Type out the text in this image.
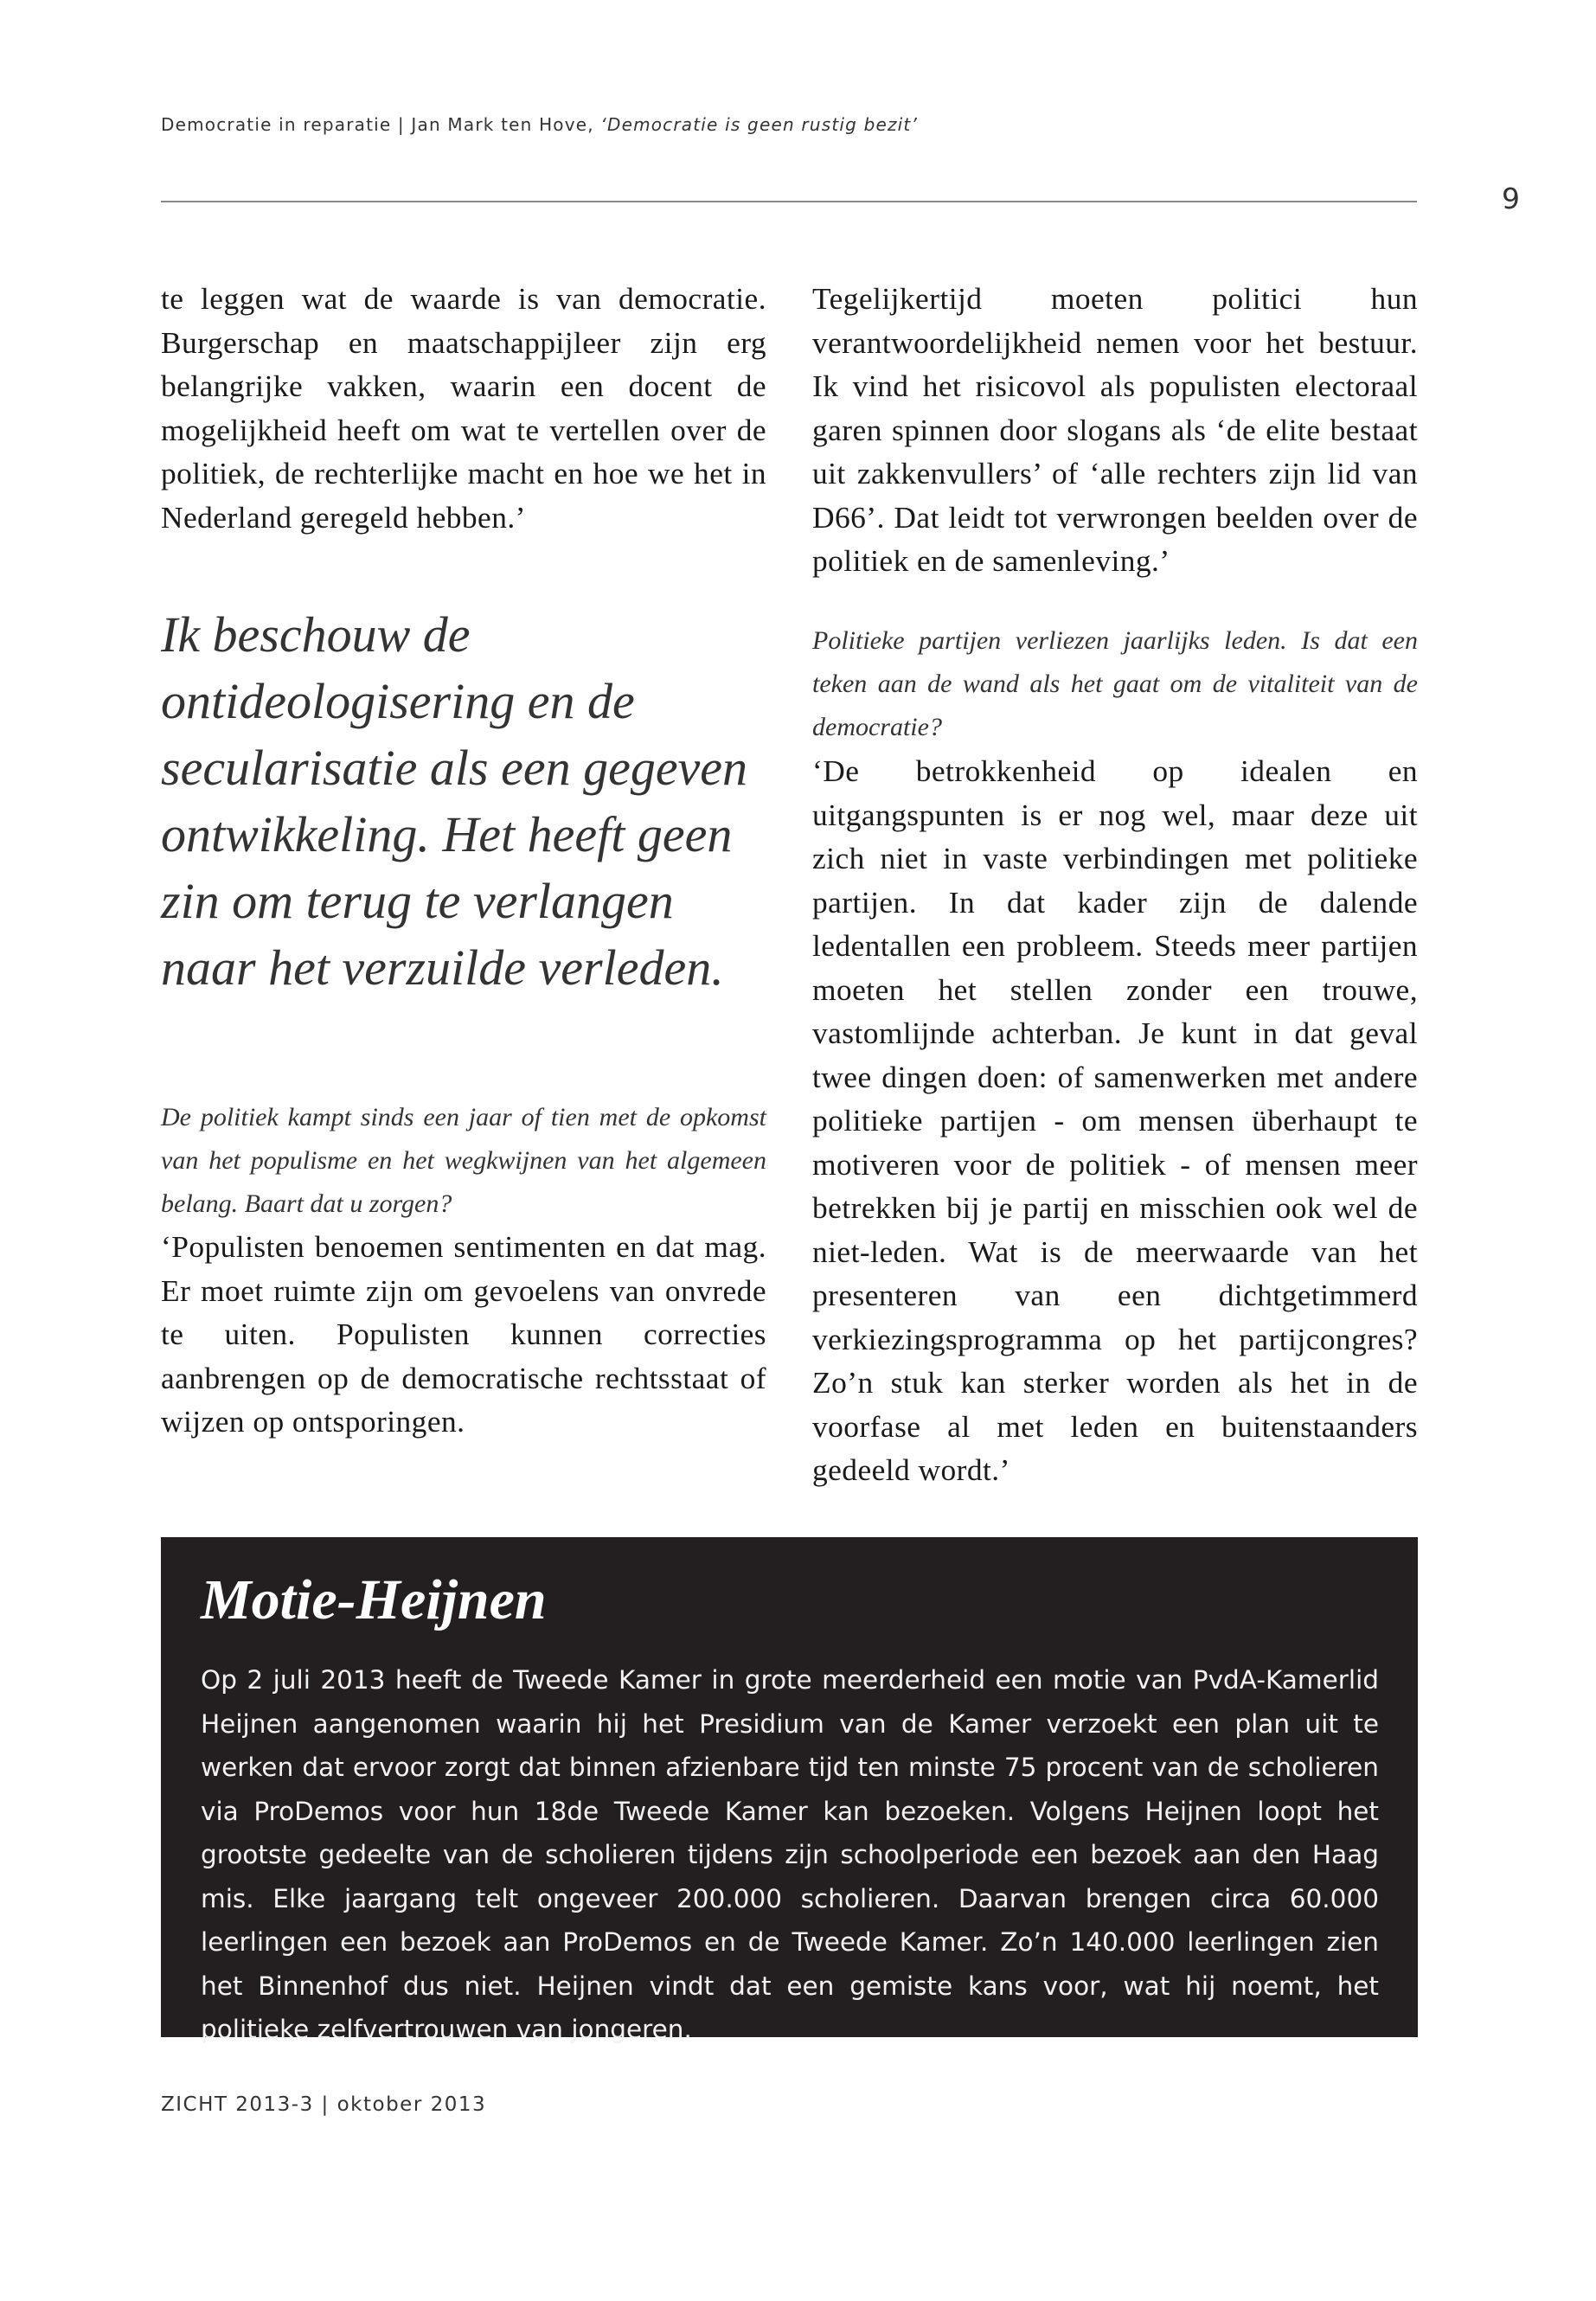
Democratie in reparatie | Jan Mark ten Hove, ‘Democratie is geen rustig bezit’
9

te leggen wat de waarde is van democratie. Burgerschap en maatschappijleer zijn erg belangrijke vakken, waarin een docent de mogelijkheid heeft om wat te vertellen over de politiek, de rechterlijke macht en hoe we het in Nederland geregeld hebben.’

Ik beschouw de ontideologisering en de secularisatie als een gegeven ontwikkeling. Het heeft geen zin om terug te verlangen naar het verzuilde verleden.

De politiek kampt sinds een jaar of tien met de opkomst van het populisme en het wegkwijnen van het algemeen belang. Baart dat u zorgen?

‘Populisten benoemen sentimenten en dat mag. Er moet ruimte zijn om gevoelens van onvrede te uiten. Populisten kunnen correcties aanbrengen op de democratische rechtsstaat of wijzen op ontsporingen.

Tegelijkertijd moeten politici hun verantwoordelijkheid nemen voor het bestuur. Ik vind het risicovol als populisten electoraal garen spinnen door slogans als ‘de elite bestaat uit zakkenvullers’ of ‘alle rechters zijn lid van D66’. Dat leidt tot verwrongen beelden over de politiek en de samenleving.’

Politieke partijen verliezen jaarlijks leden. Is dat een teken aan de wand als het gaat om de vitaliteit van de democratie?

‘De betrokkenheid op idealen en uitgangspunten is er nog wel, maar deze uit zich niet in vaste verbindingen met politieke partijen. In dat kader zijn de dalende ledentallen een probleem. Steeds meer partijen moeten het stellen zonder een trouwe, vastomlijnde achterban. Je kunt in dat geval twee dingen doen: of samenwerken met andere politieke partijen - om mensen überhaupt te motiveren voor de politiek - of mensen meer betrekken bij je partij en misschien ook wel de niet-leden. Wat is de meerwaarde van het presenteren van een dichtgetimmerd verkiezingsprogramma op het partijcongres? Zo’n stuk kan sterker worden als het in de voorfase al met leden en buitenstaanders gedeeld wordt.’

Motie-Heijnen

Op 2 juli 2013 heeft de Tweede Kamer in grote meerderheid een motie van PvdA-Kamerlid Heijnen aangenomen waarin hij het Presidium van de Kamer verzoekt een plan uit te werken dat ervoor zorgt dat binnen afzienbare tijd ten minste 75 procent van de scholieren via ProDemos voor hun 18de Tweede Kamer kan bezoeken. Volgens Heijnen loopt het grootste gedeelte van de scholieren tijdens zijn schoolperiode een bezoek aan den Haag mis. Elke jaargang telt ongeveer 200.000 scholieren. Daarvan brengen circa 60.000 leerlingen een bezoek aan ProDemos en de Tweede Kamer. Zo’n 140.000 leerlingen zien het Binnenhof dus niet. Heijnen vindt dat een gemiste kans voor, wat hij noemt, het politieke zelfvertrouwen van jongeren.

ZICHT 2013-3 | oktober 2013
